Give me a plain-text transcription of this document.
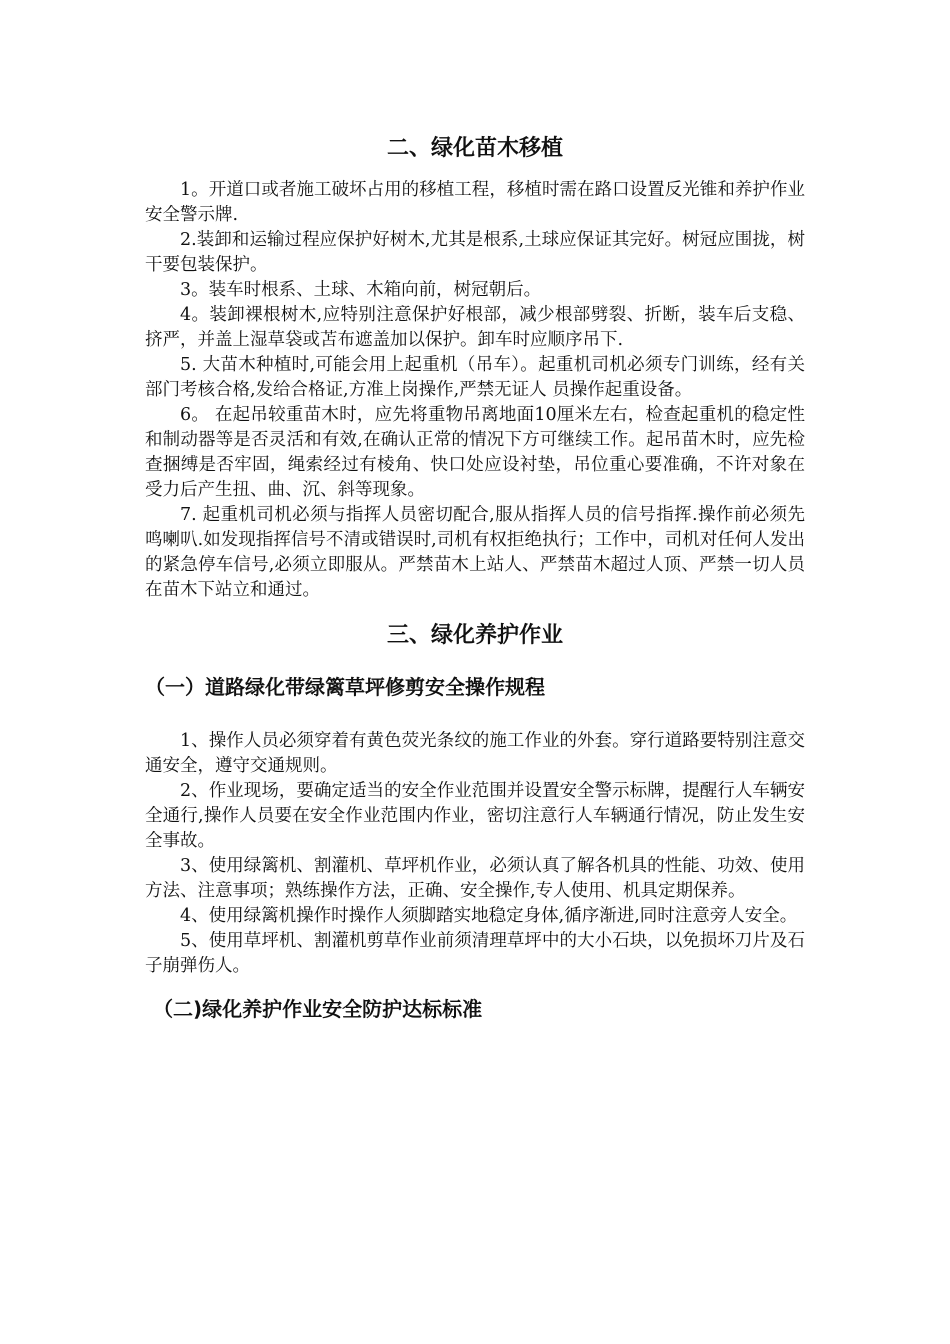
二、绿化苗木移植

1。开道口或者施工破坏占用的移植工程，移植时需在路口设置反光锥和养护作业安全警示牌.

2.装卸和运输过程应保护好树木,尤其是根系,土球应保证其完好。树冠应围拢，树干要包装保护。

3。装车时根系、土球、木箱向前，树冠朝后。

4。装卸裸根树木,应特别注意保护好根部，减少根部劈裂、折断，装车后支稳、挤严，并盖上湿草袋或苫布遮盖加以保护。卸车时应顺序吊下.

5. 大苗木种植时,可能会用上起重机（吊车）。起重机司机必须专门训练，经有关部门考核合格,发给合格证,方准上岗操作,严禁无证人 员操作起重设备。

6。 在起吊较重苗木时，应先将重物吊离地面10厘米左右，检查起重机的稳定性和制动器等是否灵活和有效,在确认正常的情况下方可继续工作。起吊苗木时，应先检查捆缚是否牢固，绳索经过有棱角、快口处应设衬垫，吊位重心要准确，不许对象在受力后产生扭、曲、沉、斜等现象。

7. 起重机司机必须与指挥人员密切配合,服从指挥人员的信号指挥.操作前必须先鸣喇叭.如发现指挥信号不清或错误时,司机有权拒绝执行；工作中，司机对任何人发出的紧急停车信号,必须立即服从。严禁苗木上站人、严禁苗木超过人顶、严禁一切人员在苗木下站立和通过。

三、绿化养护作业
（一）道路绿化带绿篱草坪修剪安全操作规程

1、操作人员必须穿着有黄色荧光条纹的施工作业的外套。穿行道路要特别注意交通安全，遵守交通规则。

2、作业现场，要确定适当的安全作业范围并设置安全警示标牌，提醒行人车辆安全通行,操作人员要在安全作业范围内作业，密切注意行人车辆通行情况，防止发生安全事故。

3、使用绿篱机、割灌机、草坪机作业，必须认真了解各机具的性能、功效、使用方法、注意事项；熟练操作方法，正确、安全操作,专人使用、机具定期保养。

4、使用绿篱机操作时操作人须脚踏实地稳定身体,循序渐进,同时注意旁人安全。

5、使用草坪机、割灌机剪草作业前须清理草坪中的大小石块，以免损坏刀片及石子崩弹伤人。

（二)绿化养护作业安全防护达标标准
